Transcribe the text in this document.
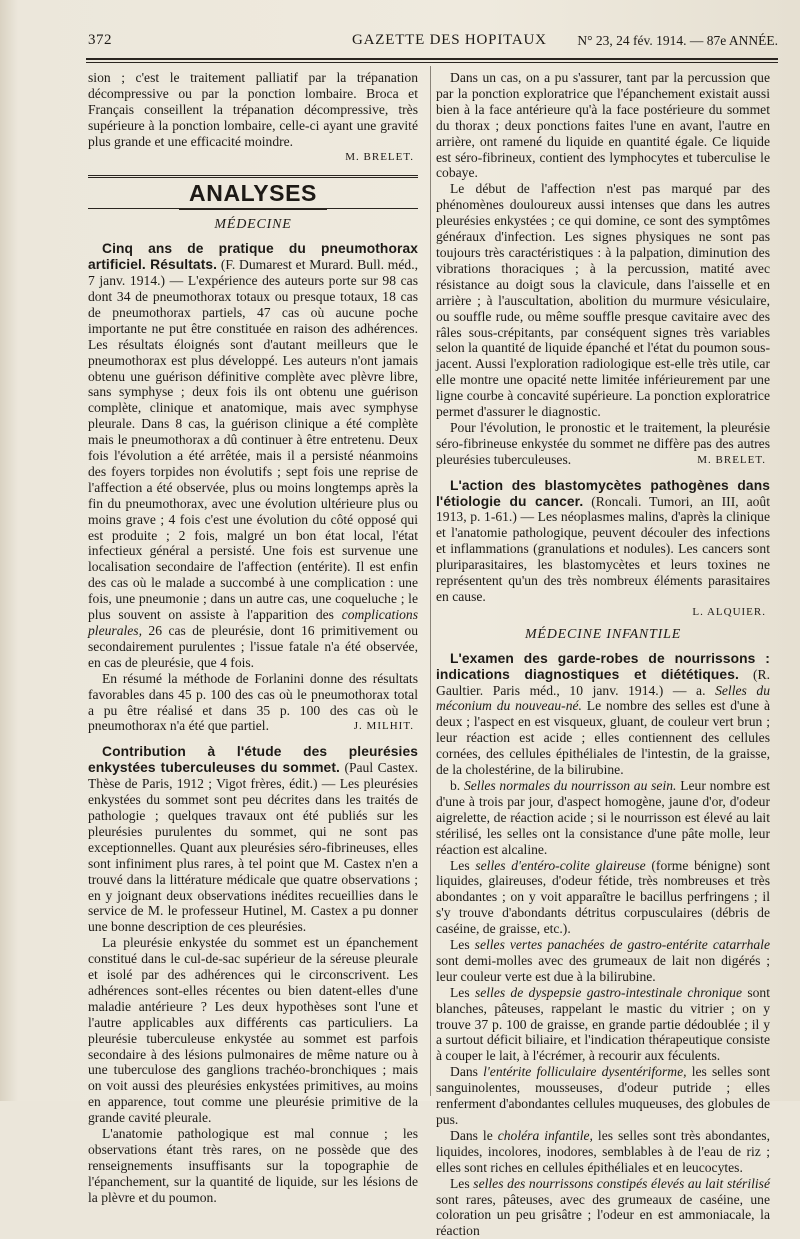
372	GAZETTE DES HOPITAUX N° 23, 24 fév. 1914. — 87e ANNÉE.

sion ; c'est le traitement palliatif par la trépanation décompressive ou par la ponction lombaire. Broca et Français conseillent la trépanation décompressive, très supérieure à la ponction lombaire, celle-ci ayant une gravité plus grande et une efficacité moindre.

M. BRELET.
ANALYSES
MÉDECINE

Cinq ans de pratique du pneumothorax artificiel. Résultats. (F. Dumarest et Murard. Bull. méd., 7 janv. 1914.) — L'expérience des auteurs porte sur 98 cas dont 34 de pneumothorax totaux ou presque totaux, 18 cas de pneumothorax partiels, 47 cas où aucune poche importante ne put être constituée en raison des adhérences. Les résultats éloignés sont d'autant meilleurs que le pneumothorax est plus développé. Les auteurs n'ont jamais obtenu une guérison définitive complète avec plèvre libre, sans symphyse ; deux fois ils ont obtenu une guérison complète, clinique et anatomique, mais avec symphyse pleurale. Dans 8 cas, la guérison clinique a été complète mais le pneumothorax a dû continuer à être entretenu. Deux fois l'évolution a été arrêtée, mais il a persisté néanmoins des foyers torpides non évolutifs ; sept fois une reprise de l'affection a été observée, plus ou moins longtemps après la fin du pneumothorax, avec une évolution ultérieure plus ou moins grave ; 4 fois c'est une évolution du côté opposé qui est produite ; 2 fois, malgré un bon état local, l'état infectieux général a persisté. Une fois est survenue une localisation secondaire de l'affection (entérite). Il est enfin des cas où le malade a succombé à une complication : une fois, une pneumonie ; dans un autre cas, une coqueluche ; le plus souvent on assiste à l'apparition des complications pleurales, 26 cas de pleurésie, dont 16 primitivement ou secondairement purulentes ; l'issue fatale n'a été observée, en cas de pleurésie, que 4 fois.

En résumé la méthode de Forlanini donne des résultats favorables dans 45 p. 100 des cas où le pneumothorax total a pu être réalisé et dans 35 p. 100 des cas où le pneumothorax n'a été que partiel.	J. MILHIT.

Contribution à l'étude des pleurésies enkystées tuberculeuses du sommet. (Paul Castex. Thèse de Paris, 1912 ; Vigot frères, édit.) — Les pleurésies enkystées du sommet sont peu décrites dans les traités de pathologie ; quelques travaux ont été publiés sur les pleurésies purulentes du sommet, qui ne sont pas exceptionnelles. Quant aux pleurésies séro-fibrineuses, elles sont infiniment plus rares, à tel point que M. Castex n'en a trouvé dans la littérature médicale que quatre observations ; en y joignant deux observations inédites recueillies dans le service de M. le professeur Hutinel, M. Castex a pu donner une bonne description de ces pleurésies.

La pleurésie enkystée du sommet est un épanchement constitué dans le cul-de-sac supérieur de la séreuse pleurale et isolé par des adhérences qui le circonscrivent. Les adhérences sont-elles récentes ou bien datent-elles d'une maladie antérieure ? Les deux hypothèses sont l'une et l'autre applicables aux différents cas particuliers. La pleurésie tuberculeuse enkystée au sommet est parfois secondaire à des lésions pulmonaires de même nature ou à une tuberculose des ganglions trachéo-bronchiques ; mais on voit aussi des pleurésies enkystées primitives, au moins en apparence, tout comme une pleurésie primitive de la grande cavité pleurale.

L'anatomie pathologique est mal connue ; les observations étant très rares, on ne possède que des renseignements insuffisants sur la topographie de l'épanchement, sur la quantité de liquide, sur les lésions de la plèvre et du poumon.

Dans un cas, on a pu s'assurer, tant par la percussion que par la ponction exploratrice que l'épanchement existait aussi bien à la face antérieure qu'à la face postérieure du sommet du thorax ; deux ponctions faites l'une en avant, l'autre en arrière, ont ramené du liquide en quantité égale. Ce liquide est séro-fibrineux, contient des lymphocytes et tuberculise le cobaye.

Le début de l'affection n'est pas marqué par des phénomènes douloureux aussi intenses que dans les autres pleurésies enkystées ; ce qui domine, ce sont des symptômes généraux d'infection. Les signes physiques ne sont pas toujours très caractéristiques : à la palpation, diminution des vibrations thoraciques ; à la percussion, matité avec résistance au doigt sous la clavicule, dans l'aisselle et en arrière ; à l'auscultation, abolition du murmure vésiculaire, ou souffle rude, ou même souffle presque cavitaire avec des râles sous-crépitants, par conséquent signes très variables selon la quantité de liquide épanché et l'état du poumon sous-jacent. Aussi l'exploration radiologique est-elle très utile, car elle montre une opacité nette limitée inférieurement par une ligne courbe à concavité supérieure. La ponction exploratrice permet d'assurer le diagnostic.

Pour l'évolution, le pronostic et le traitement, la pleurésie séro-fibrineuse enkystée du sommet ne diffère pas des autres pleurésies tuberculeuses.	M. BRELET.

L'action des blastomycètes pathogènes dans l'étiologie du cancer. (Roncali. Tumori, an III, août 1913, p. 1-61.) — Les néoplasmes malins, d'après la clinique et l'anatomie pathologique, peuvent découler des infections et inflammations (granulations et nodules). Les cancers sont pluriparasitaires, les blastomycètes et leurs toxines ne représentent qu'un des très nombreux éléments parasitaires en cause.

L. ALQUIER.
MÉDECINE INFANTILE

L'examen des garde-robes de nourrissons : indications diagnostiques et diététiques. (R. Gaultier. Paris méd., 10 janv. 1914.) — a. Selles du méconium du nouveau-né. Le nombre des selles est d'une à deux ; l'aspect en est visqueux, gluant, de couleur vert brun ; leur réaction est acide ; elles contiennent des cellules cornées, des cellules épithéliales de l'intestin, de la graisse, de la cholestérine, de la bilirubine.

b. Selles normales du nourrisson au sein. Leur nombre est d'une à trois par jour, d'aspect homogène, jaune d'or, d'odeur aigrelette, de réaction acide ; si le nourrisson est élevé au lait stérilisé, les selles ont la consistance d'une pâte molle, leur réaction est alcaline.

Les selles d'entéro-colite glaireuse (forme bénigne) sont liquides, glaireuses, d'odeur fétide, très nombreuses et très abondantes ; on y voit apparaître le bacillus perfringens ; il s'y trouve d'abondants détritus corpusculaires (débris de caséine, de graisse, etc.).

Les selles vertes panachées de gastro-entérite catarrhale sont demi-molles avec des grumeaux de lait non digérés ; leur couleur verte est due à la bilirubine.

Les selles de dyspepsie gastro-intestinale chronique sont blanches, pâteuses, rappelant le mastic du vitrier ; on y trouve 37 p. 100 de graisse, en grande partie dédoublée ; il y a surtout déficit biliaire, et l'indication thérapeutique consiste à couper le lait, à l'écrémer, à recourir aux féculents.

Dans l'entérite folliculaire dysentériforme, les selles sont sanguinolentes, mousseuses, d'odeur putride ; elles renferment d'abondantes cellules muqueuses, des globules de pus.

Dans le choléra infantile, les selles sont très abondantes, liquides, incolores, inodores, semblables à de l'eau de riz ; elles sont riches en cellules épithéliales et en leucocytes.

Les selles des nourrissons constipés élevés au lait stérilisé sont rares, pâteuses, avec des grumeaux de caséine, une coloration un peu grisâtre ; l'odeur en est ammoniacale, la réaction
